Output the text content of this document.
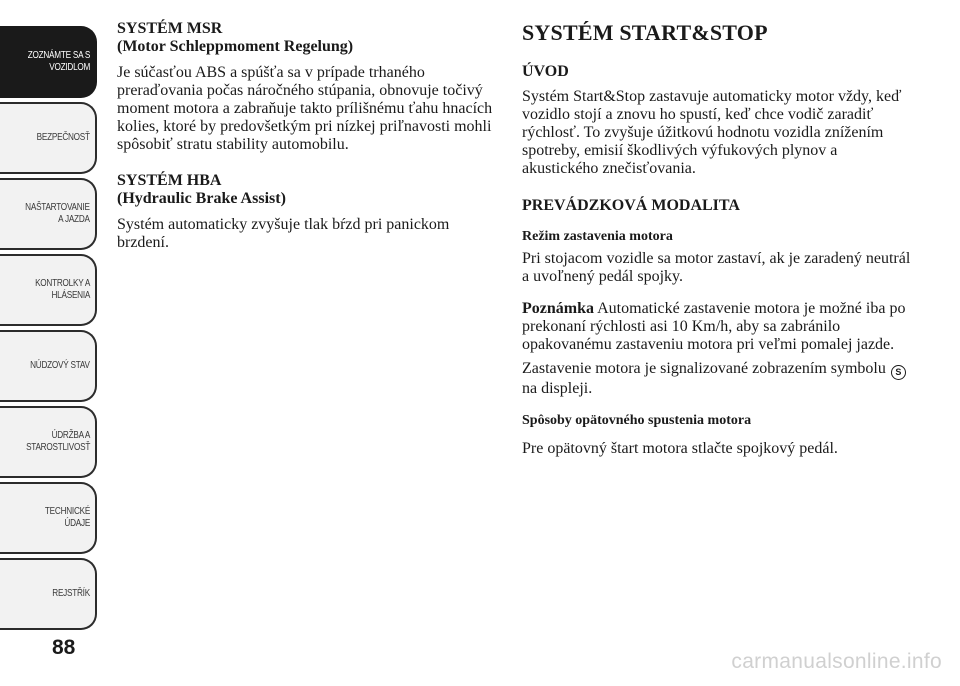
ZOZNÁMTE SA S
VOZIDLOM
BEZPEČNOSŤ
NAŠTARTOVANIE
A JAZDA
KONTROLKY A
HLÁSENIA
NÚDZOVÝ STAV
ÚDRŽBA A
STAROSTLIVOSŤ
TECHNICKÉ
ÚDAJE
REJSTŘÍK
88
SYSTÉM MSR
(Motor Schleppmoment Regelung)

Je súčasťou ABS a spúšťa sa v prípade trhaného preraďovania počas náročného stúpania, obnovuje točivý moment motora a zabraňuje takto prílišnému ťahu hnacích kolies, ktoré by predovšetkým pri nízkej priľnavosti mohli spôsobiť stratu stability automobilu.

SYSTÉM HBA
(Hydraulic Brake Assist)

Systém automaticky zvyšuje tlak bŕzd pri panickom brzdení.

SYSTÉM START&STOP
ÚVOD

Systém Start&Stop zastavuje automaticky motor vždy, keď vozidlo stojí a znovu ho spustí, keď chce vodič zaradiť rýchlosť. To zvyšuje úžitkovú hodnotu vozidla znížením spotreby, emisií škodlivých výfukových plynov a akustického znečisťovania.

PREVÁDZKOVÁ MODALITA
Režim zastavenia motora

Pri stojacom vozidle sa motor zastaví, ak je zaradený neutrál a uvoľnený pedál spojky.

Poznámka Automatické zastavenie motora je možné iba po prekonaní rýchlosti asi 10 Km/h, aby sa zabránilo opakovanému zastaveniu motora pri veľmi pomalej jazde.

Zastavenie motora je signalizované zobrazením symbolu S na displeji.

Spôsoby opätovného spustenia motora

Pre opätovný štart motora stlačte spojkový pedál.

carmanualsonline.info
